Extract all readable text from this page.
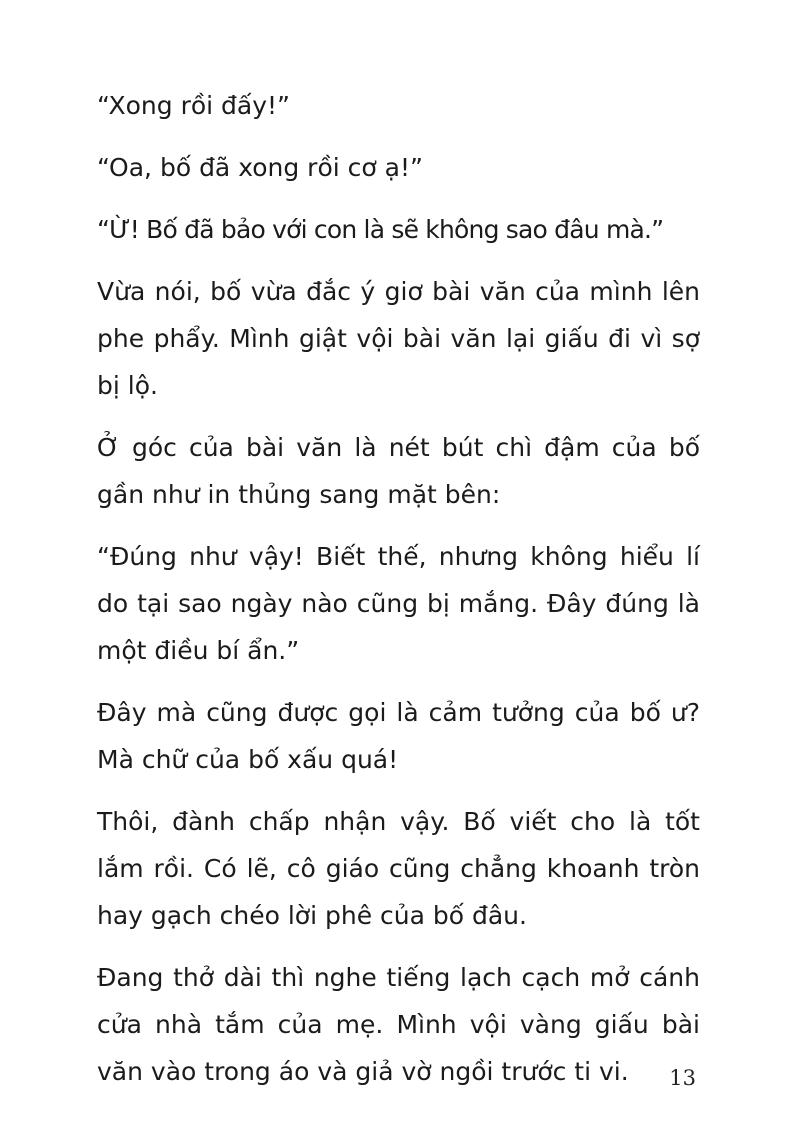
“Xong rồi đấy!”

“Oa, bố đã xong rồi cơ ạ!”

“Ừ! Bố đã bảo với con là sẽ không sao đâu mà.”

Vừa nói, bố vừa đắc ý giơ bài văn của mình lên phe phẩy. Mình giật vội bài văn lại giấu đi vì sợ bị lộ.

Ở góc của bài văn là nét bút chì đậm của bố gần như in thủng sang mặt bên:

“Đúng như vậy! Biết thế, nhưng không hiểu lí do tại sao ngày nào cũng bị mắng. Đây đúng là một điều bí ẩn.”

Đây mà cũng được gọi là cảm tưởng của bố ư? Mà chữ của bố xấu quá!

Thôi, đành chấp nhận vậy. Bố viết cho là tốt lắm rồi. Có lẽ, cô giáo cũng chẳng khoanh tròn hay gạch chéo lời phê của bố đâu.

Đang thở dài thì nghe tiếng lạch cạch mở cánh cửa nhà tắm của mẹ. Mình vội vàng giấu bài văn vào trong áo và giả vờ ngồi trước ti vi.	13
